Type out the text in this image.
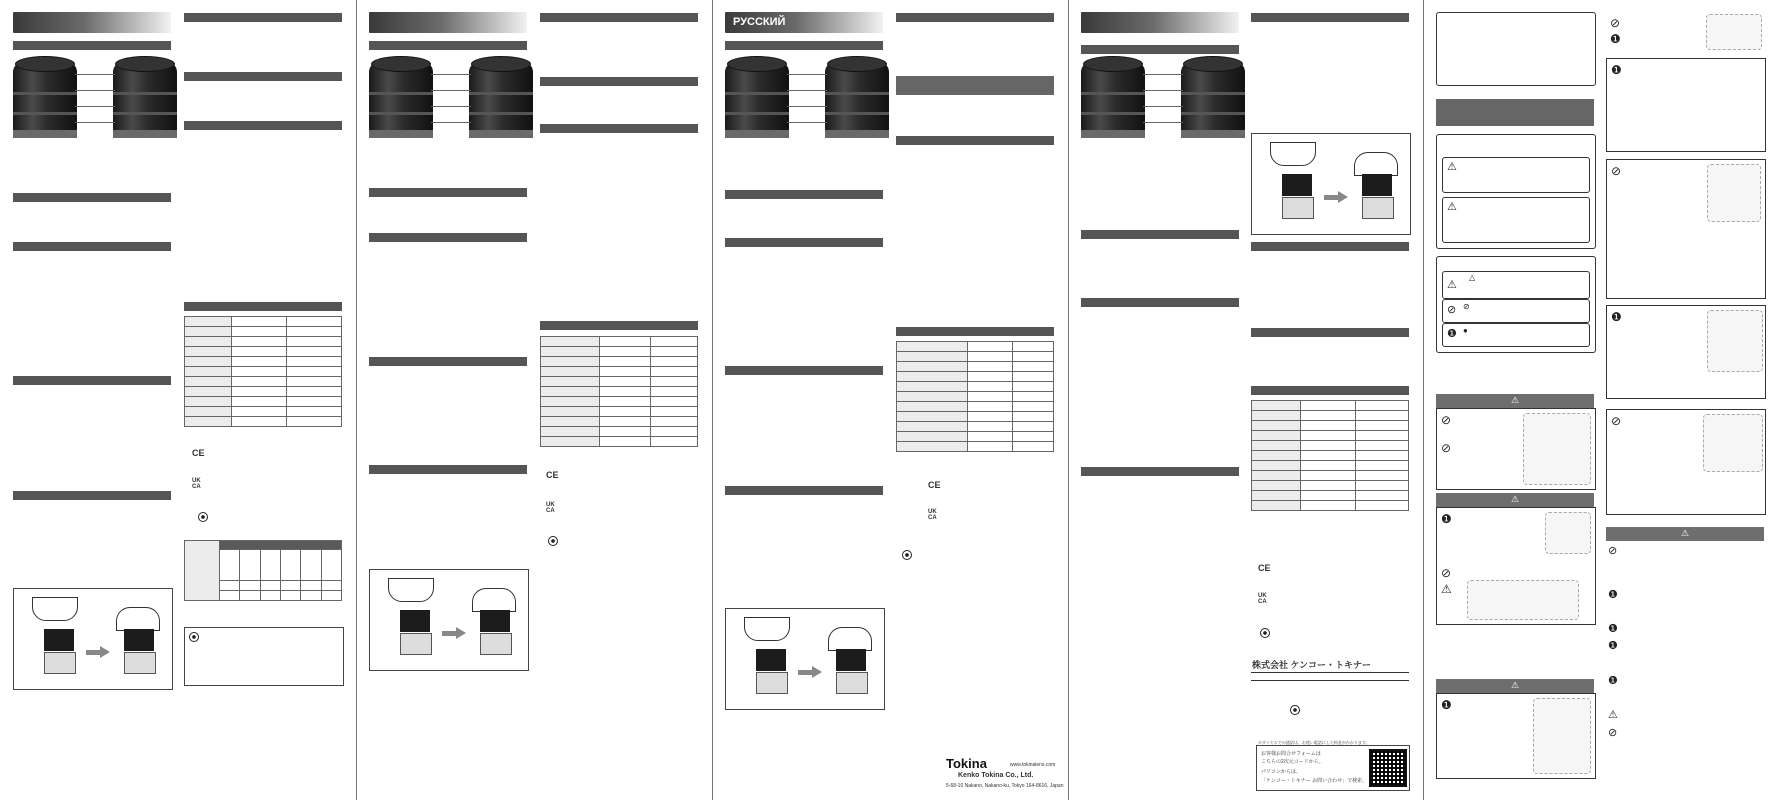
CE
UK
CA

CE
UK
CA
РУССКИЙ

CE
UK
CA
Tokina	www.tokinalens.com
Kenko Tokina Co., Ltd.
5-68-10 Nakano, Nakano-ku, Tokyo 164-8616, Japan

CE
UK
CA
株式会社 ケンコー・トキナー
※ダイヤルでの通話は、お使い電話にした料金がかかります。
お客様お問合せフォームは
こちらの2次元コードから。
パソコンからは、
「ケンコー・トキナー お問い合わせ」で検索。
⚠
⚠
⚠
△
⊘ ⊘
❶ ●
⚠
⊘
⊘
⚠
❶
⊘
⚠
⚠
❶
⊘
❶
❶
⊘
❶
⊘
⚠
⊘
❶
❶
❶
❶
⚠
⊘
